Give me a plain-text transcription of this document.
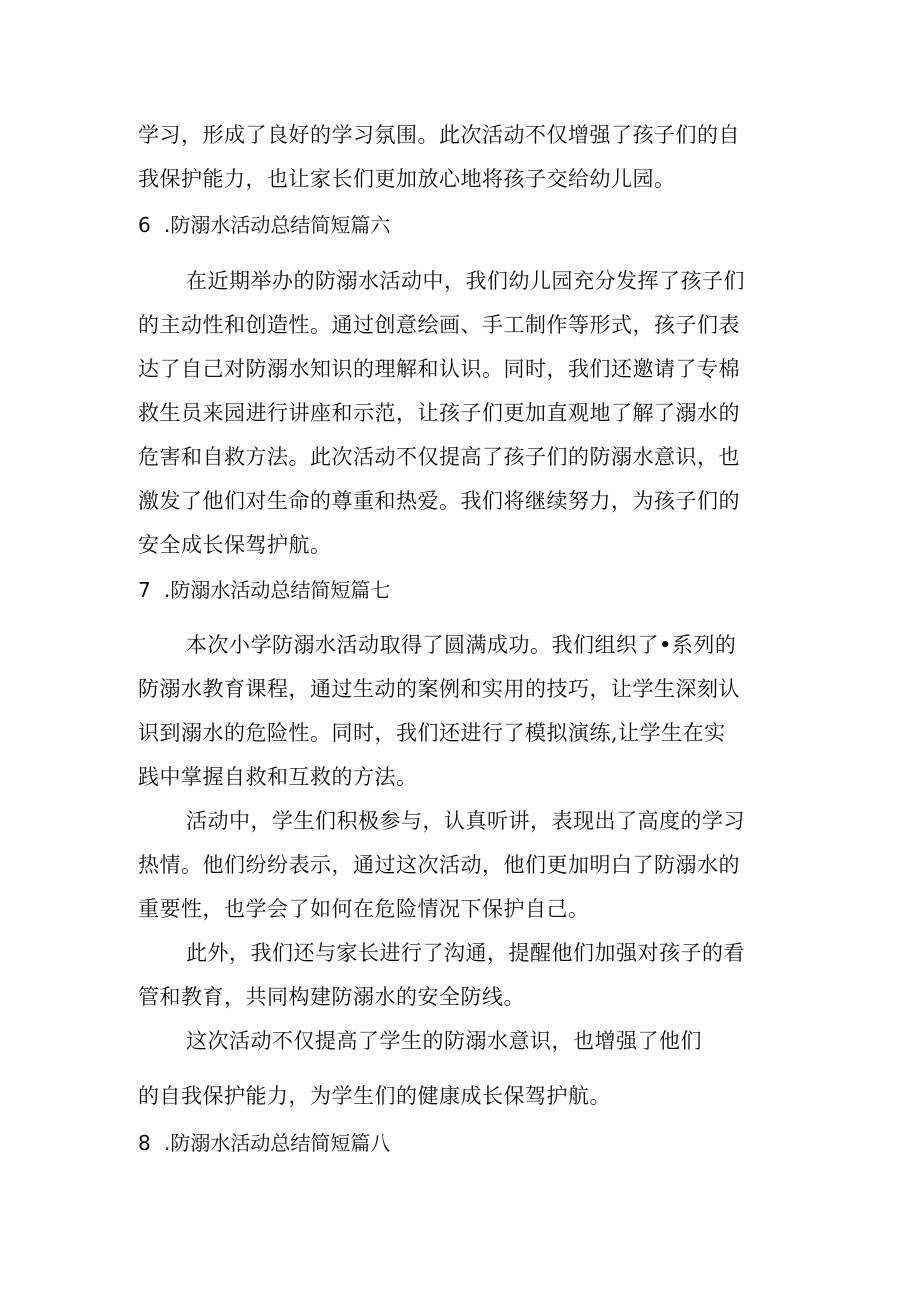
学习，形成了良好的学习氛围。此次活动不仅增强了孩子们的自
我保护能力，也让家长们更加放心地将孩子交给幼儿园。
6 .防溺水活动总结简短篇六
在近期举办的防溺水活动中，我们幼儿园充分发挥了孩子们
的主动性和创造性。通过创意绘画、手工制作等形式，孩子们表
达了自己对防溺水知识的理解和认识。同时，我们还邀请了专棉
救生员来园进行讲座和示范，让孩子们更加直观地了解了溺水的
危害和自救方法。此次活动不仅提高了孩子们的防溺水意识，也
激发了他们对生命的尊重和热爱。我们将继续努力，为孩子们的
安全成长保驾护航。
7 .防溺水活动总结简短篇七
本次小学防溺水活动取得了圆满成功。我们组织了•系列的
防溺水教育课程，通过生动的案例和实用的技巧，让学生深刻认
识到溺水的危险性。同时，我们还进行了模拟演练,让学生在实
践中掌握自救和互救的方法。
活动中，学生们积极参与，认真听讲，表现出了高度的学习
热情。他们纷纷表示，通过这次活动，他们更加明白了防溺水的
重要性，也学会了如何在危险情况下保护自己。
此外，我们还与家长进行了沟通，提醒他们加强对孩子的看
管和教育，共同构建防溺水的安全防线。
这次活动不仅提高了学生的防溺水意识，也增强了他们
的自我保护能力，为学生们的健康成长保驾护航。
8 .防溺水活动总结简短篇八
